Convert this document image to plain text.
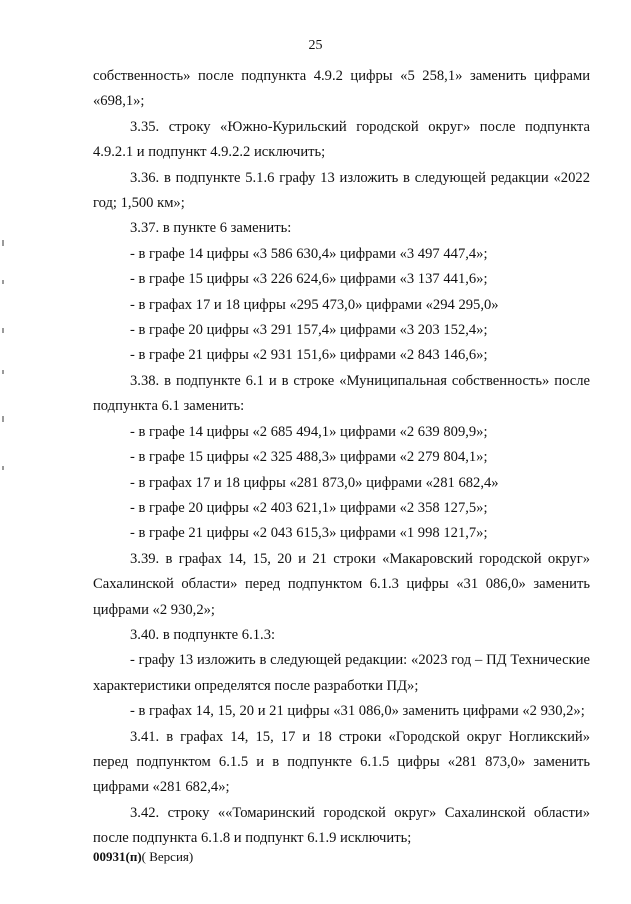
25

собственность» после подпункта 4.9.2 цифры «5 258,1» заменить цифрами «698,1»;

3.35. строку «Южно-Курильский городской округ» после подпункта 4.9.2.1 и подпункт 4.9.2.2 исключить;

3.36. в подпункте 5.1.6 графу 13 изложить в следующей редакции «2022 год; 1,500 км»;

3.37. в пункте 6 заменить:

- в графе 14 цифры «3 586 630,4» цифрами «3 497 447,4»;

- в графе 15 цифры «3 226 624,6» цифрами «3 137 441,6»;

- в графах 17 и 18 цифры «295 473,0» цифрами «294 295,0»

- в графе 20 цифры «3 291 157,4» цифрами «3 203 152,4»;

- в графе 21 цифры «2 931 151,6» цифрами «2 843 146,6»;

3.38. в подпункте 6.1 и в строке «Муниципальная собственность» после подпункта 6.1 заменить:

- в графе 14 цифры «2 685 494,1» цифрами «2 639 809,9»;

- в графе 15 цифры «2 325 488,3» цифрами «2 279 804,1»;

- в графах 17 и 18 цифры «281 873,0» цифрами «281 682,4»

- в графе 20 цифры «2 403 621,1» цифрами «2 358 127,5»;

- в графе 21 цифры «2 043 615,3» цифрами «1 998 121,7»;

3.39. в графах 14, 15, 20 и 21 строки «Макаровский городской округ» Сахалинской области» перед подпунктом 6.1.3 цифры «31 086,0» заменить цифрами «2 930,2»;

3.40. в подпункте 6.1.3:

- графу 13 изложить в следующей редакции: «2023 год – ПД Технические характеристики определятся после разработки ПД»;

- в графах 14, 15, 20 и 21 цифры «31 086,0» заменить цифрами «2 930,2»;

3.41. в графах 14, 15, 17 и 18 строки «Городской округ Ногликский» перед подпунктом 6.1.5 и в подпункте 6.1.5 цифры «281 873,0» заменить цифрами «281 682,4»;

3.42. строку ««Томаринский городской округ» Сахалинской области» после подпункта 6.1.8 и подпункт 6.1.9 исключить;

00931(п)( Версия)
